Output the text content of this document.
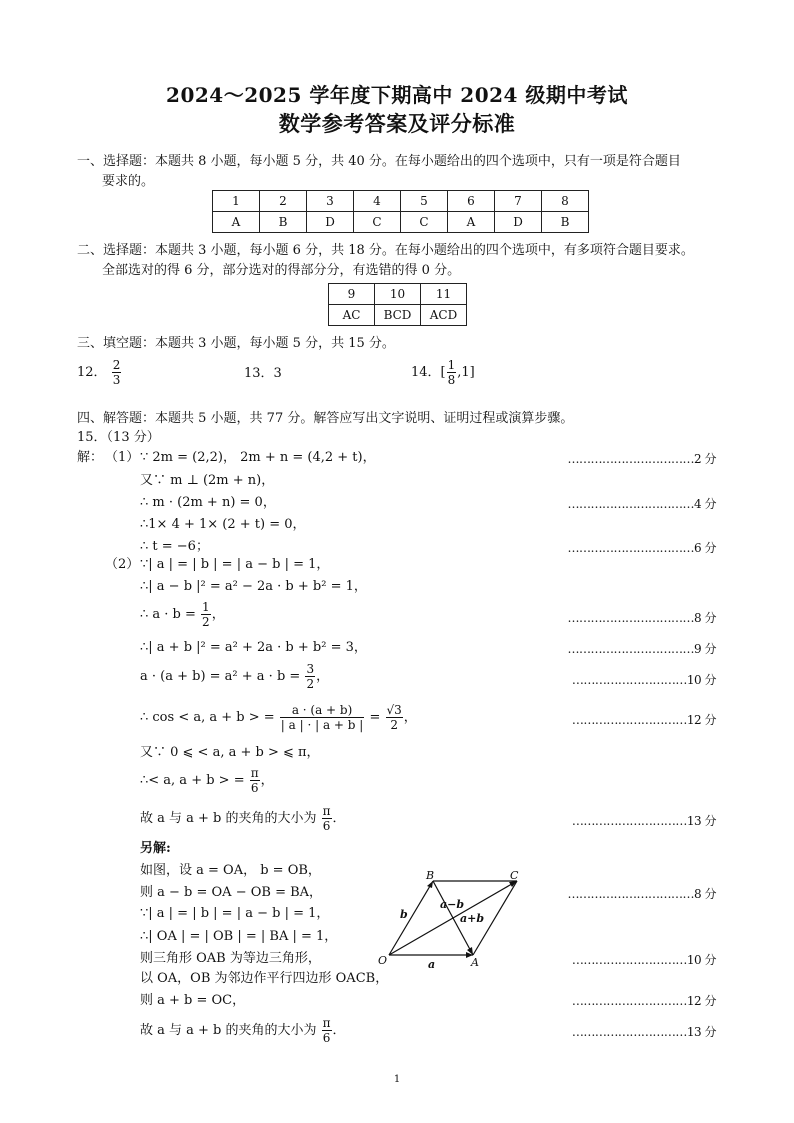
2024～2025 学年度下期高中 2024 级期中考试
数学参考答案及评分标准
一、选择题：本题共 8 小题，每小题 5 分，共 40 分。在每小题给出的四个选项中，只有一项是符合题目
要求的。
1	2	3	4	5	6	7	8
A	B	D	C	C	A	D	B
二、选择题：本题共 3 小题，每小题 6 分，共 18 分。在每小题给出的四个选项中，有多项符合题目要求。
全部选对的得 6 分，部分选对的得部分分，有选错的得 0 分。
9	10	11
AC	BCD	ACD
三、填空题：本题共 3 小题，每小题 5 分，共 15 分。
12． $\frac{2}{3}$	13．3	14．[ $\frac{1}{8} ,1$]
四、解答题：本题共 5 小题，共 77 分。解答应写出文字说明、证明过程或演算步骤。
15．（13 分）
解： （1） ∵ 2m = (2,2)， 2m + n = (4,2 + t)，	……………………………2 分
又∵ m ⊥ (2m + n)，
∴ m · (2m + n) = 0，	……………………………4 分
∴1× 4 + 1× (2 + t) = 0，
∴ t = −6；	……………………………6 分
（2） ∵| a | = | b | = | a − b | = 1，
∴| a − b |² = a² − 2a · b + b² = 1，
∴ $a \cdot b = \frac{1}{2}$ ，	……………………………8 分
∴| a + b |² = a² + 2a · b + b² = 3，	……………………………9 分
$a \cdot (a + b) = a^2 + a \cdot b = \frac{3}{2}$ ，	…………………………10 分
∴ cos < a, a + b > = $\frac{a \cdot (a + b)}{| a | \cdot | a + b |} = \frac{√3}{2}$ ，	…………………………12 分
又∵ 0 ⩽ < a, a + b > ⩽ π，
∴< a, a + b > = $\frac{\pi}{6}$ ，
故 a 与 a + b 的夹角的大小为 $\frac{\pi}{6}$ ．	…………………………13 分
另解:
如图，设 a = OA， b = OB，
则 a − b = OA − OB = BA，	……………………………8 分
∵| a | = | b | = | a − b | = 1，
∴| OA | = | OB | = | BA | = 1，
则三角形 OAB 为等边三角形，	…………………………10 分
以 OA，OB 为邻边作平行四边形 OACB，
则 a + b = OC，	…………………………12 分
故 a 与 a + b 的夹角的大小为 $\frac{\pi}{6}$ ．	…………………………13 分
O	A
B	C
a
b
a−b
a+b
1
